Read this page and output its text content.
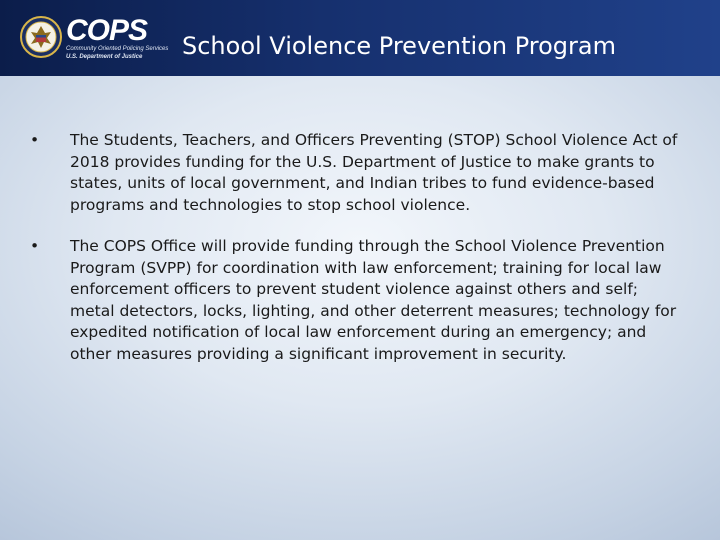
COPS
Community Oriented Policing Services
U.S. Department of Justice School Violence Prevention Program
• The Students, Teachers, and Officers Preventing (STOP) School Violence Act of 2018 provides funding for the U.S. Department of Justice to make grants to states, units of local government, and Indian tribes to fund evidence-based programs and technologies to stop school violence.
• The COPS Office will provide funding through the School Violence Prevention Program (SVPP) for coordination with law enforcement; training for local law enforcement officers to prevent student violence against others and self; metal detectors, locks, lighting, and other deterrent measures; technology for expedited notification of local law enforcement during an emergency; and other measures providing a significant improvement in security.
